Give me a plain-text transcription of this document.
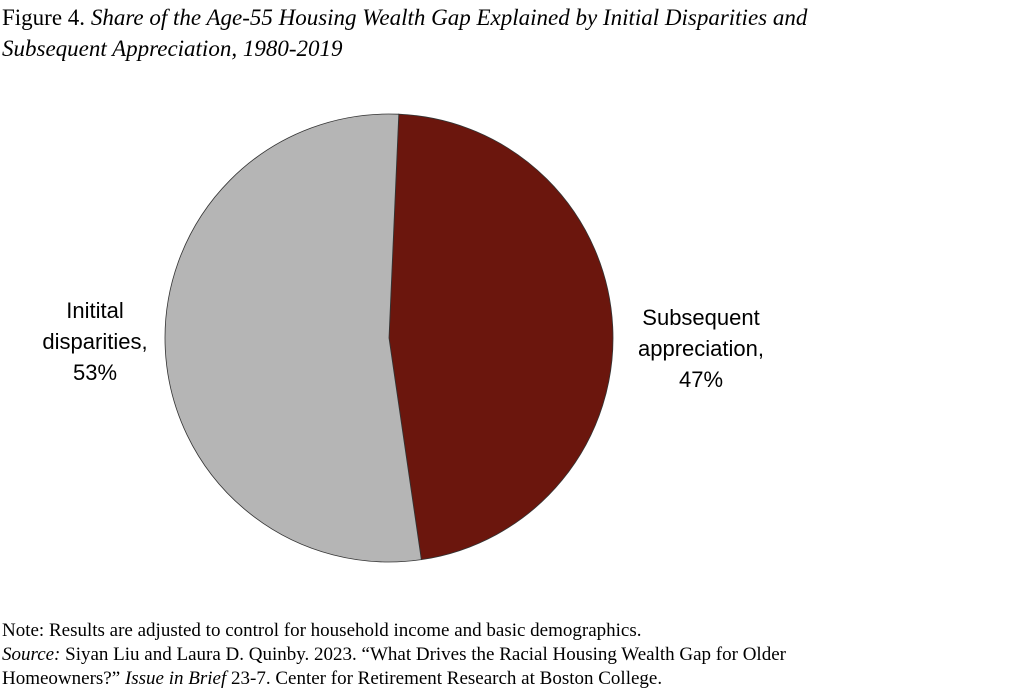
Figure 4. Share of the Age-55 Housing Wealth Gap Explained by Initial Disparities and
Subsequent Appreciation, 1980-2019
Subsequent appreciation, 47%
Initital disparities, 53%

Note: Results are adjusted to control for household income and basic demographics.

Source: Siyan Liu and Laura D. Quinby. 2023. “What Drives the Racial Housing Wealth Gap for Older

Homeowners?” Issue in Brief 23-7. Center for Retirement Research at Boston College.
